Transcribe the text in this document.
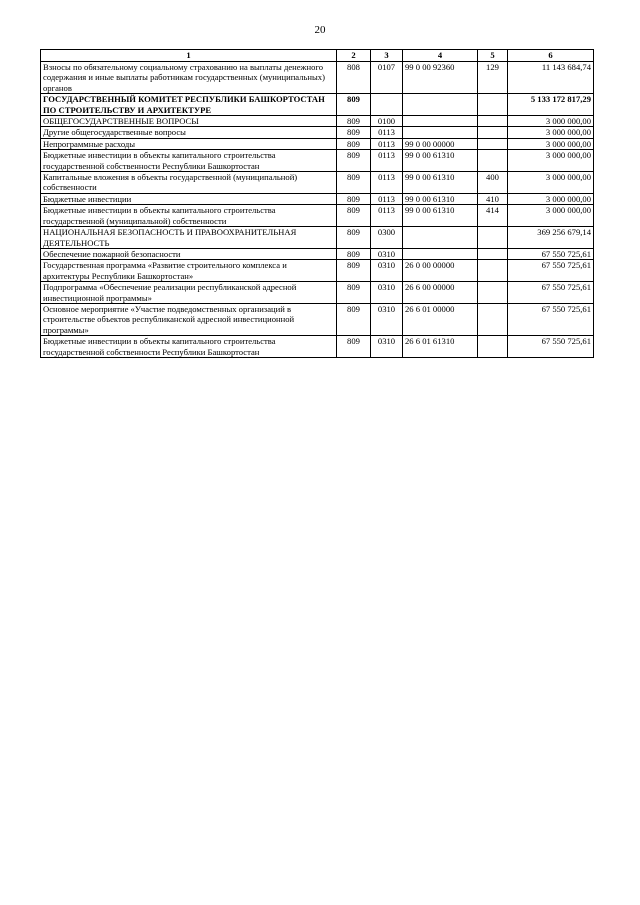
20
1	2	3	4	5	6
Взносы по обязательному социальному страхованию на выплаты денежного содержания и иные выплаты работникам государственных (муниципальных) органов	808	0107	99 0 00 92360	129	11 143 684,74
ГОСУДАРСТВЕННЫЙ КОМИТЕТ РЕСПУБЛИКИ БАШКОРТОСТАН ПО СТРОИТЕЛЬСТВУ И АРХИТЕКТУРЕ	809				5 133 172 817,29
ОБЩЕГОСУДАРСТВЕННЫЕ ВОПРОСЫ	809	0100			3 000 000,00
Другие общегосударственные вопросы	809	0113			3 000 000,00
Непрограммные расходы	809	0113	99 0 00 00000		3 000 000,00
Бюджетные инвестиции в объекты капитального строительства государственной собственности Республики Башкортостан	809	0113	99 0 00 61310		3 000 000,00
Капитальные вложения в объекты государственной (муниципальной) собственности	809	0113	99 0 00 61310	400	3 000 000,00
Бюджетные инвестиции	809	0113	99 0 00 61310	410	3 000 000,00
Бюджетные инвестиции в объекты капитального строительства государственной (муниципальной) собственности	809	0113	99 0 00 61310	414	3 000 000,00
НАЦИОНАЛЬНАЯ БЕЗОПАСНОСТЬ И ПРАВООХРАНИТЕЛЬНАЯ ДЕЯТЕЛЬНОСТЬ	809	0300			369 256 679,14
Обеспечение пожарной безопасности	809	0310			67 550 725,61
Государственная программа «Развитие строительного комплекса и архитектуры Республики Башкортостан»	809	0310	26 0 00 00000		67 550 725,61
Подпрограмма «Обеспечение реализации республиканской адресной инвестиционной программы»	809	0310	26 6 00 00000		67 550 725,61
Основное мероприятие «Участие подведомственных организаций в строительстве объектов республиканской адресной инвестиционной программы»	809	0310	26 6 01 00000		67 550 725,61
Бюджетные инвестиции в объекты капитального строительства государственной собственности Республики Башкортостан	809	0310	26 6 01 61310		67 550 725,61
